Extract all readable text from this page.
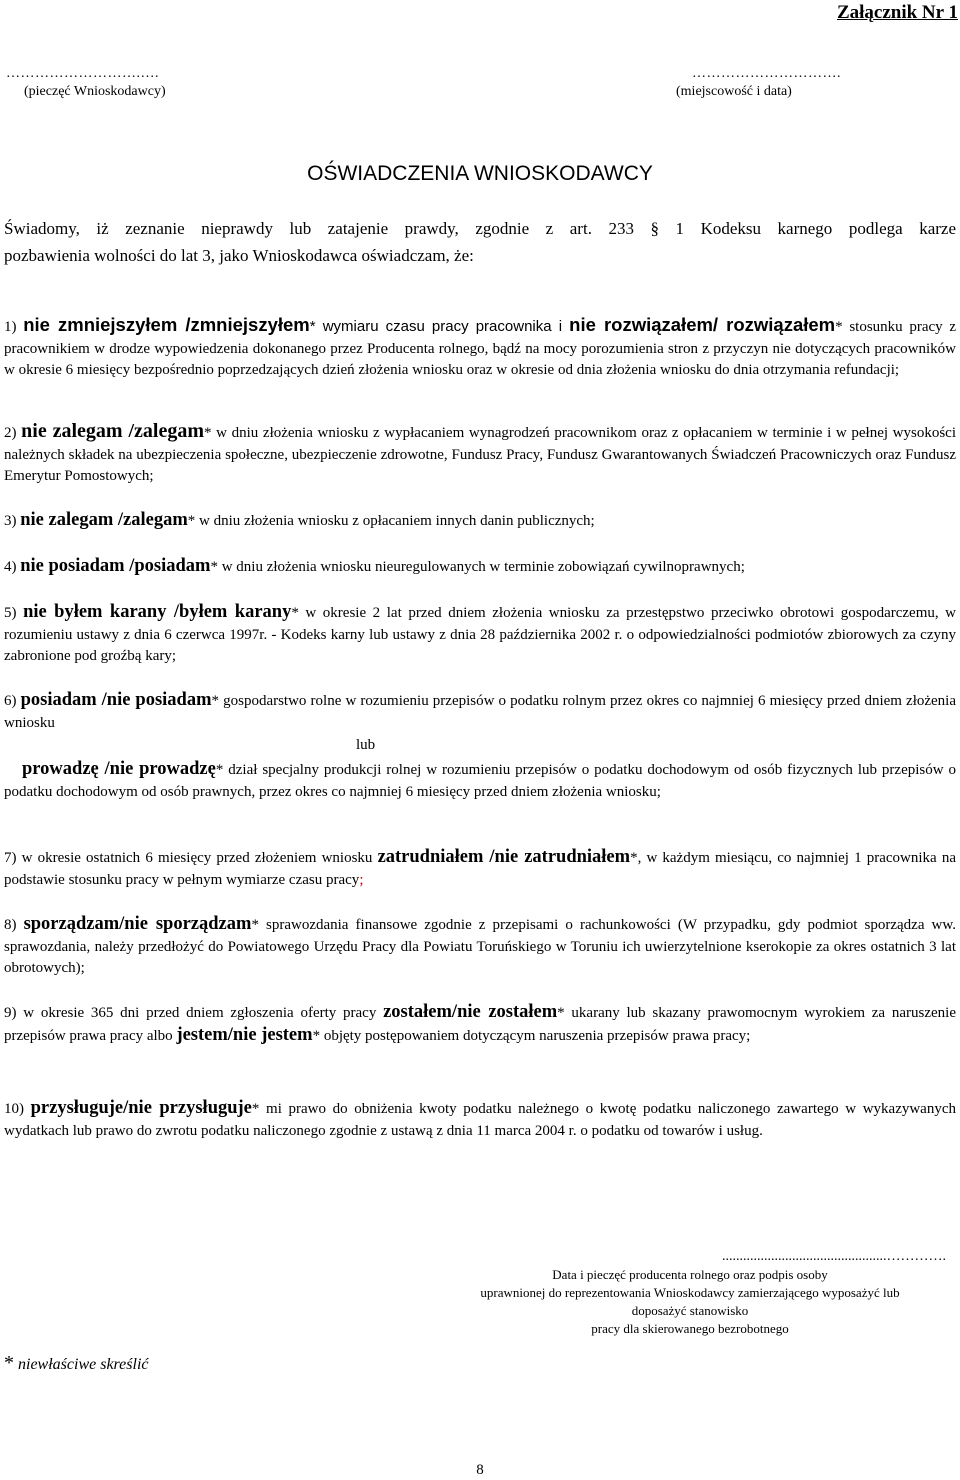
Załącznik Nr 1
……………………….….
(pieczęć Wnioskodawcy)
………………………….
(miejscowość i data)
OŚWIADCZENIA WNIOSKODAWCY
Świadomy, iż zeznanie nieprawdy lub zatajenie prawdy, zgodnie z art. 233 § 1 Kodeksu karnego podlega karze
pozbawienia wolności do lat 3, jako Wnioskodawca oświadczam, że:
1) nie zmniejszyłem /zmniejszyłem* wymiaru czasu pracy pracownika i nie rozwiązałem/ rozwiązałem* stosunku pracy z pracownikiem w drodze wypowiedzenia dokonanego przez Producenta rolnego, bądź na mocy porozumienia stron z przyczyn nie dotyczących pracowników w okresie 6 miesięcy bezpośrednio poprzedzających dzień złożenia wniosku oraz w okresie od dnia złożenia wniosku do dnia otrzymania refundacji;
2) nie zalegam /zalegam* w dniu złożenia wniosku z wypłacaniem wynagrodzeń pracownikom oraz z opłacaniem w terminie i w pełnej wysokości należnych składek na ubezpieczenia społeczne, ubezpieczenie zdrowotne, Fundusz Pracy, Fundusz Gwarantowanych Świadczeń Pracowniczych oraz Fundusz Emerytur Pomostowych;
3) nie zalegam /zalegam* w dniu złożenia wniosku z opłacaniem innych danin publicznych;
4) nie posiadam /posiadam* w dniu złożenia wniosku nieuregulowanych w terminie zobowiązań cywilnoprawnych;
5) nie byłem karany /byłem karany* w okresie 2 lat przed dniem złożenia wniosku za przestępstwo przeciwko obrotowi gospodarczemu, w rozumieniu ustawy z dnia 6 czerwca 1997r. - Kodeks karny lub ustawy z dnia 28 października 2002 r. o odpowiedzialności podmiotów zbiorowych za czyny zabronione pod groźbą kary;
6) posiadam /nie posiadam* gospodarstwo rolne w rozumieniu przepisów o podatku rolnym przez okres co najmniej 6 miesięcy przed dniem złożenia wniosku
lub
prowadzę /nie prowadzę* dział specjalny produkcji rolnej w rozumieniu przepisów o podatku dochodowym od osób fizycznych lub przepisów o podatku dochodowym od osób prawnych, przez okres co najmniej 6 miesięcy przed dniem złożenia wniosku;
7) w okresie ostatnich 6 miesięcy przed złożeniem wniosku zatrudniałem /nie zatrudniałem*, w każdym miesiącu, co najmniej 1 pracownika na podstawie stosunku pracy w pełnym wymiarze czasu pracy;
8) sporządzam/nie sporządzam* sprawozdania finansowe zgodnie z przepisami o rachunkowości (W przypadku, gdy podmiot sporządza ww. sprawozdania, należy przedłożyć do Powiatowego Urzędu Pracy dla Powiatu Toruńskiego w Toruniu ich uwierzytelnione kserokopie za okres ostatnich 3 lat obrotowych);
9) w okresie 365 dni przed dniem zgłoszenia oferty pracy zostałem/nie zostałem* ukarany lub skazany prawomocnym wyrokiem za naruszenie przepisów prawa pracy albo jestem/nie jestem* objęty postępowaniem dotyczącym naruszenia przepisów prawa pracy;
10) przysługuje/nie przysługuje* mi prawo do obniżenia kwoty podatku należnego o kwotę podatku naliczonego zawartego w wykazywanych wydatkach lub prawo do zwrotu podatku naliczonego zgodnie z ustawą z dnia 11 marca 2004 r. o podatku od towarów i usług.
...............................................………….
Data i pieczęć producenta rolnego oraz podpis osoby
uprawnionej do reprezentowania Wnioskodawcy zamierzającego wyposażyć lub
doposażyć stanowisko
pracy dla skierowanego bezrobotnego
* niewłaściwe skreślić
8
